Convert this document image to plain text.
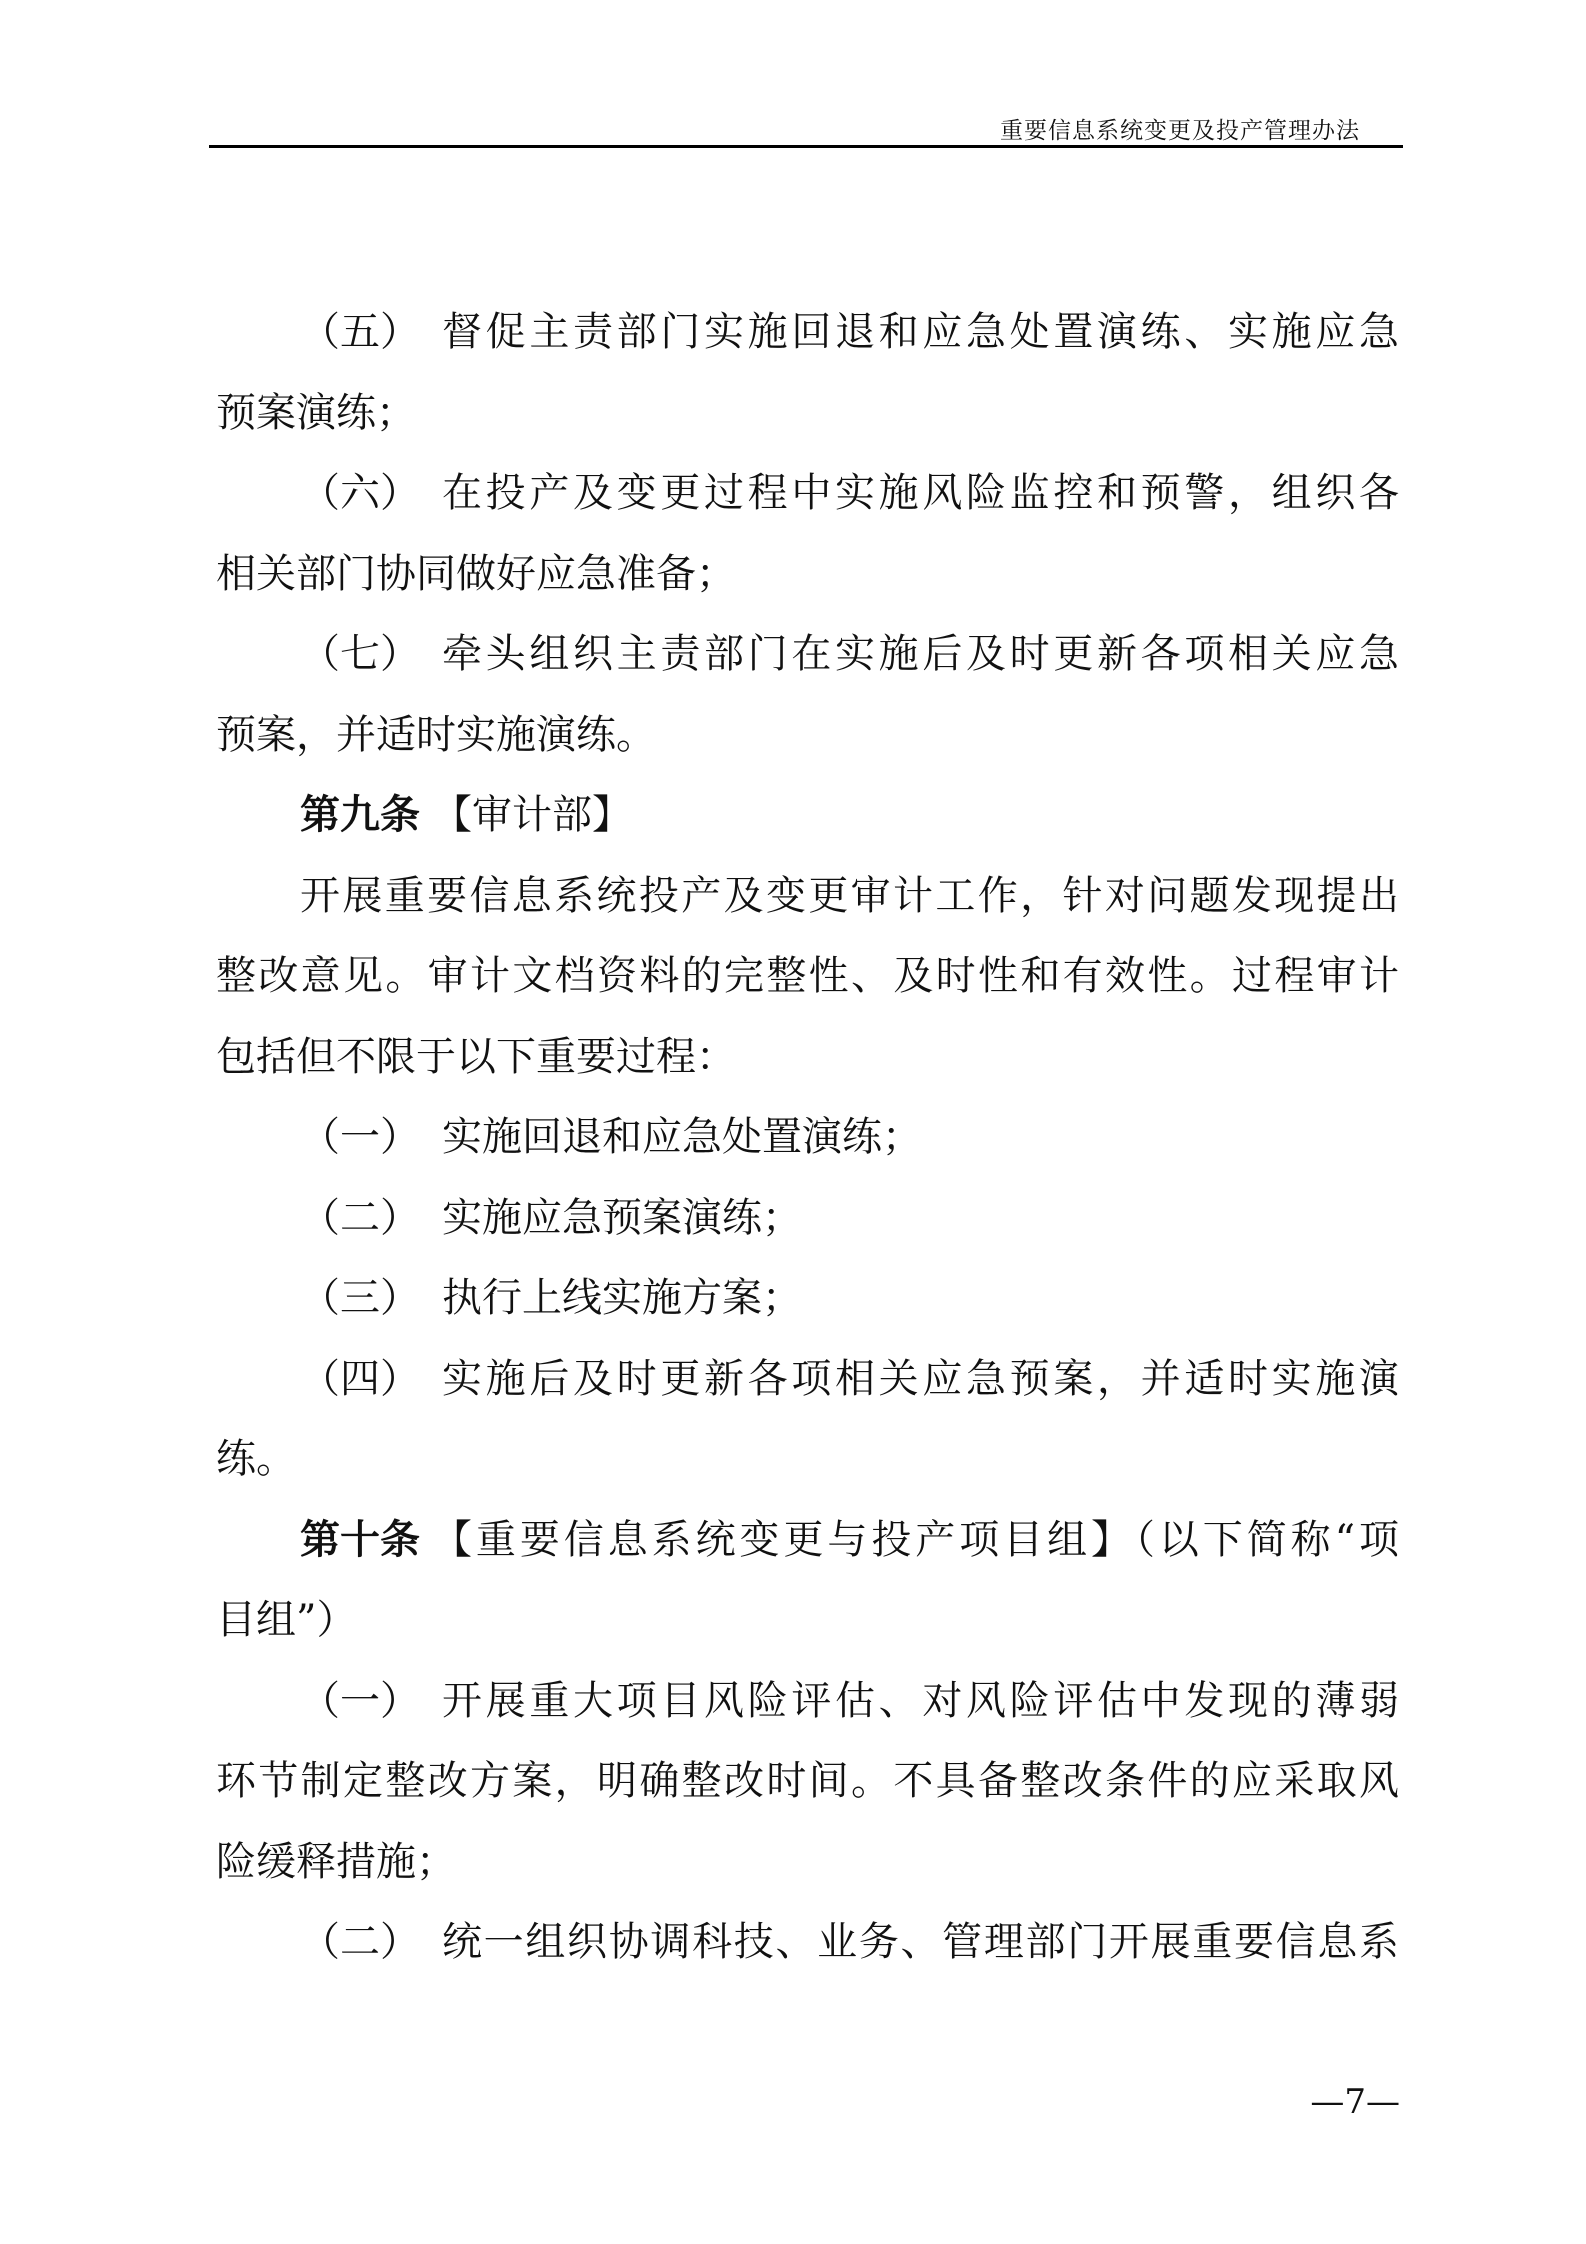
重要信息系统变更及投产管理办法
（五） 督促主责部门实施回退和应急处置演练、实施应急
预案演练；
（六） 在投产及变更过程中实施风险监控和预警，组织各
相关部门协同做好应急准备；
（七） 牵头组织主责部门在实施后及时更新各项相关应急
预案，并适时实施演练。
第九条 【审计部】
开展重要信息系统投产及变更审计工作，针对问题发现提出
整改意见。审计文档资料的完整性、及时性和有效性。过程审计
包括但不限于以下重要过程：
（一） 实施回退和应急处置演练；
（二） 实施应急预案演练；
（三） 执行上线实施方案；
（四） 实施后及时更新各项相关应急预案，并适时实施演
练。
第十条 【重要信息系统变更与投产项目组】（以下简称“项
目组”）
（一） 开展重大项目风险评估、对风险评估中发现的薄弱
环节制定整改方案，明确整改时间。不具备整改条件的应采取风
险缓释措施；
（二） 统一组织协调科技、业务、管理部门开展重要信息系
—7—
